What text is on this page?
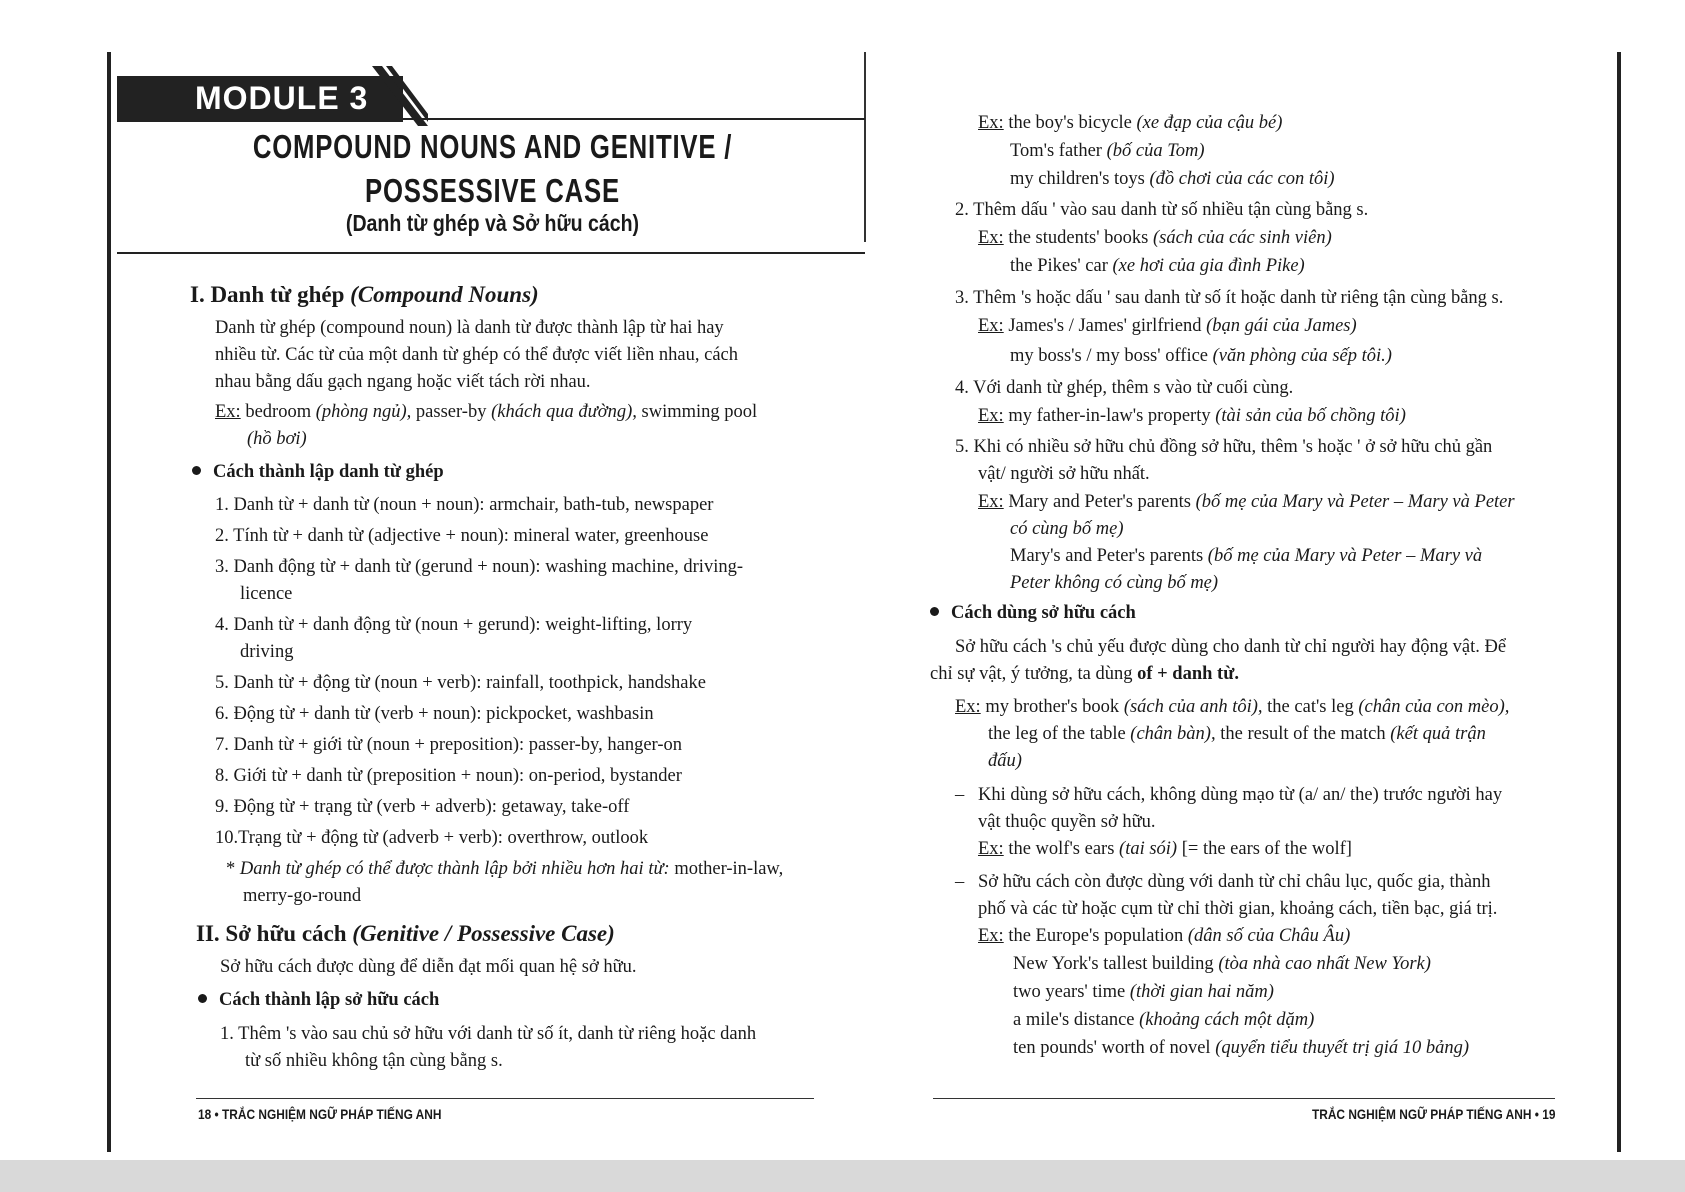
MODULE 3
COMPOUND NOUNS AND GENITIVE /
POSSESSIVE CASE
(Danh từ ghép và Sở hữu cách)
I. Danh từ ghép (Compound Nouns)
Danh từ ghép (compound noun) là danh từ được thành lập từ hai hay
nhiều từ. Các từ của một danh từ ghép có thể được viết liền nhau, cách
nhau bằng dấu gạch ngang hoặc viết tách rời nhau.
Ex: bedroom (phòng ngủ), passer-by (khách qua đường), swimming pool
(hồ bơi)
Cách thành lập danh từ ghép
1. Danh từ + danh từ (noun + noun): armchair, bath-tub, newspaper
2. Tính từ + danh từ (adjective + noun): mineral water, greenhouse
3. Danh động từ + danh từ (gerund + noun): washing machine, driving-
licence
4. Danh từ + danh động từ (noun + gerund): weight-lifting, lorry
driving
5. Danh từ + động từ (noun + verb): rainfall, toothpick, handshake
6. Động từ + danh từ (verb + noun): pickpocket, washbasin
7. Danh từ + giới từ (noun + preposition): passer-by, hanger-on
8. Giới từ + danh từ (preposition + noun): on-period, bystander
9. Động từ + trạng từ (verb + adverb): getaway, take-off
10.Trạng từ + động từ (adverb + verb): overthrow, outlook
* Danh từ ghép có thể được thành lập bởi nhiều hơn hai từ: mother-in-law,
merry-go-round
II. Sở hữu cách (Genitive / Possessive Case)
Sở hữu cách được dùng để diễn đạt mối quan hệ sở hữu.
Cách thành lập sở hữu cách
1. Thêm 's vào sau chủ sở hữu với danh từ số ít, danh từ riêng hoặc danh
từ số nhiều không tận cùng bằng s.
18 • TRẮC NGHIỆM NGỮ PHÁP TIẾNG ANH
Ex: the boy's bicycle (xe đạp của cậu bé)
Tom's father (bố của Tom)
my children's toys (đồ chơi của các con tôi)
2. Thêm dấu ' vào sau danh từ số nhiều tận cùng bằng s.
Ex: the students' books (sách của các sinh viên)
the Pikes' car (xe hơi của gia đình Pike)
3. Thêm 's hoặc dấu ' sau danh từ số ít hoặc danh từ riêng tận cùng bằng s.
Ex: James's / James' girlfriend (bạn gái của James)
my boss's / my boss' office (văn phòng của sếp tôi.)
4. Với danh từ ghép, thêm s vào từ cuối cùng.
Ex: my father-in-law's property (tài sản của bố chồng tôi)
5. Khi có nhiều sở hữu chủ đồng sở hữu, thêm 's hoặc ' ở sở hữu chủ gần
vật/ người sở hữu nhất.
Ex: Mary and Peter's parents (bố mẹ của Mary và Peter – Mary và Peter
có cùng bố mẹ)
Mary's and Peter's parents (bố mẹ của Mary và Peter – Mary và
Peter không có cùng bố mẹ)
Cách dùng sở hữu cách
Sở hữu cách 's chủ yếu được dùng cho danh từ chỉ người hay động vật. Để
chỉ sự vật, ý tưởng, ta dùng of + danh từ.
Ex: my brother's book (sách của anh tôi), the cat's leg (chân của con mèo),
the leg of the table (chân bàn), the result of the match (kết quả trận
đấu)
– Khi dùng sở hữu cách, không dùng mạo từ (a/ an/ the) trước người hay
vật thuộc quyền sở hữu.
Ex: the wolf's ears (tai sói) [= the ears of the wolf]
– Sở hữu cách còn được dùng với danh từ chỉ châu lục, quốc gia, thành
phố và các từ hoặc cụm từ chỉ thời gian, khoảng cách, tiền bạc, giá trị.
Ex: the Europe's population (dân số của Châu Âu)
New York's tallest building (tòa nhà cao nhất New York)
two years' time (thời gian hai năm)
a mile's distance (khoảng cách một dặm)
ten pounds' worth of novel (quyển tiểu thuyết trị giá 10 bảng)
TRẮC NGHIỆM NGỮ PHÁP TIẾNG ANH • 19
